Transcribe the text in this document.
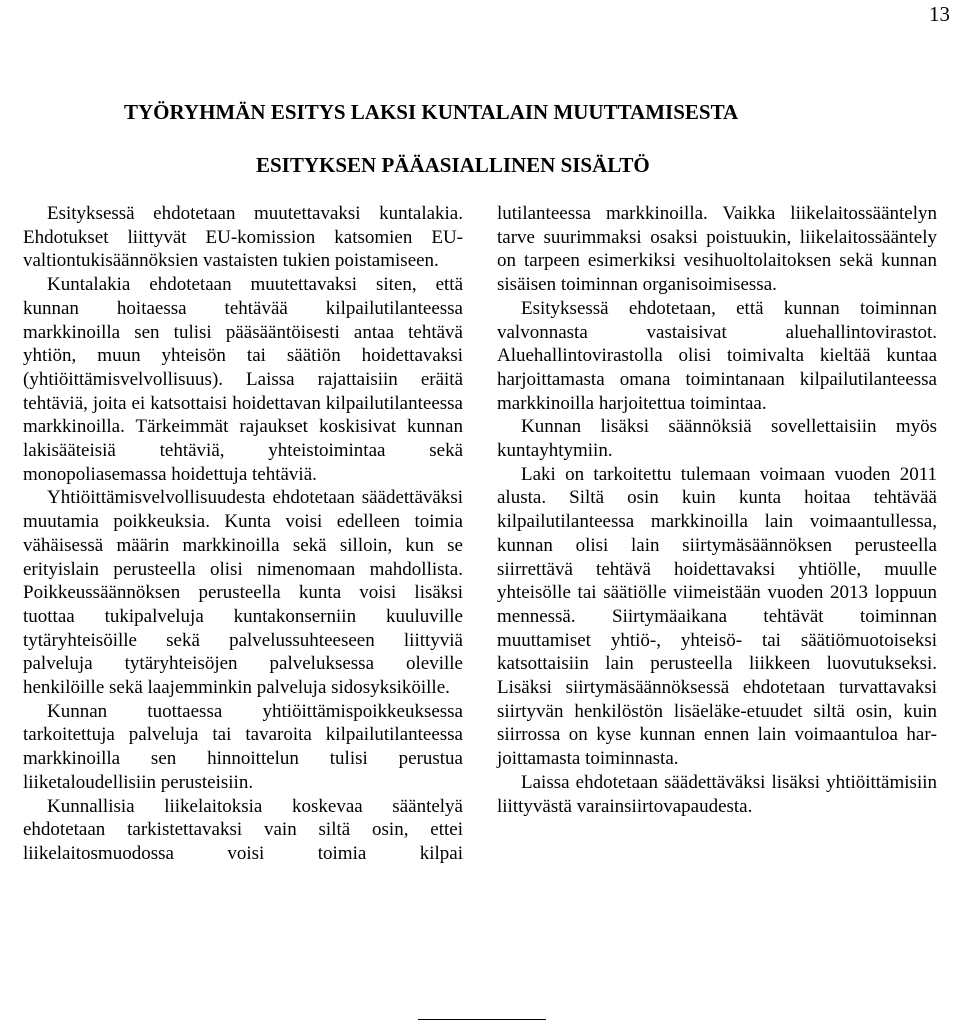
13
TYÖRYHMÄN ESITYS LAKSI KUNTALAIN MUUTTAMISESTA
ESITYKSEN PÄÄASIALLINEN SISÄLTÖ

Esityksessä ehdotetaan muutettavaksi kuntalakia. Ehdotukset liittyvät EU-komission katsomien EU-valtiontukisäännöksien vastaisten tukien poistamiseen.

Kuntalakia ehdotetaan muutettavaksi siten, että kunnan hoitaessa tehtävää kilpailutilanteessa markkinoilla sen tulisi pääsääntöisesti antaa tehtävä yhtiön, muun yhteisön tai säätiön hoidettavaksi (yhtiöittämisvelvollisuus). Laissa rajattaisiin eräitä tehtäviä, joita ei katsottaisi hoidettavan kilpailutilanteessa markkinoilla. Tärkeimmät rajaukset koskisivat kunnan lakisääteisiä tehtäviä, yhteistoimintaa sekä monopoliasemassa hoidettuja tehtäviä.

Yhtiöittämisvelvollisuudesta ehdotetaan säädettäväksi muutamia poikkeuksia. Kunta voisi edelleen toimia vähäisessä määrin markkinoilla sekä silloin, kun se erityislain perusteella olisi nimenomaan mahdollista. Poikkeussäännöksen perusteella kunta voisi lisäksi tuottaa tukipalveluja kuntakonserniin kuuluville tytäryhteisöille sekä palvelussuhteeseen liittyviä palveluja tytäryhteisöjen palveluksessa oleville henkilöille sekä laajemminkin palveluja sidosyksiköille.

Kunnan tuottaessa yhtiöittämispoikkeuksessa tarkoitettuja palveluja tai tavaroita kilpailutilanteessa markkinoilla sen hinnoittelun tulisi perustua liiketaloudellisiin perusteisiin.

Kunnallisia liikelaitoksia koskevaa sääntelyä ehdotetaan tarkistettavaksi vain siltä osin, ettei liikelaitosmuodossa voisi toimia kilpai

lutilanteessa markkinoilla. Vaikka liikelaitossääntelyn tarve suurimmaksi osaksi poistuukin, liikelaitossääntely on tarpeen esimerkiksi vesihuoltolaitoksen sekä kunnan sisäisen toiminnan organisoimisessa.

Esityksessä ehdotetaan, että kunnan toiminnan valvonnasta vastaisivat aluehallintovirastot. Aluehallintovirastolla olisi toimivalta kieltää kuntaa harjoittamasta omana toimintanaan kilpailutilanteessa markkinoilla harjoitettua toimintaa.

Kunnan lisäksi säännöksiä sovellettaisiin myös kuntayhtymiin.

Laki on tarkoitettu tulemaan voimaan vuoden 2011 alusta. Siltä osin kuin kunta hoitaa tehtävää kilpailutilanteessa markkinoilla lain voimaantullessa, kunnan olisi lain siirtymäsäännöksen perusteella siirrettävä tehtävä hoidettavaksi yhtiölle, muulle yhteisölle tai säätiölle viimeistään vuoden 2013 loppuun mennessä. Siirtymäaikana tehtävät toiminnan muuttamiset yhtiö-, yhteisö- tai säätiömuotoiseksi katsottaisiin lain perusteella liikkeen luovutukseksi. Lisäksi siirtymäsäännöksessä ehdotetaan turvattavaksi siirtyvän henkilöstön lisäeläke-etuudet siltä osin, kuin siirrossa on kyse kunnan ennen lain voimaantuloa harjoittamasta toiminnasta.

Laissa ehdotetaan säädettäväksi lisäksi yhtiöittämisiin liittyvästä varainsiirtovapaudesta.
